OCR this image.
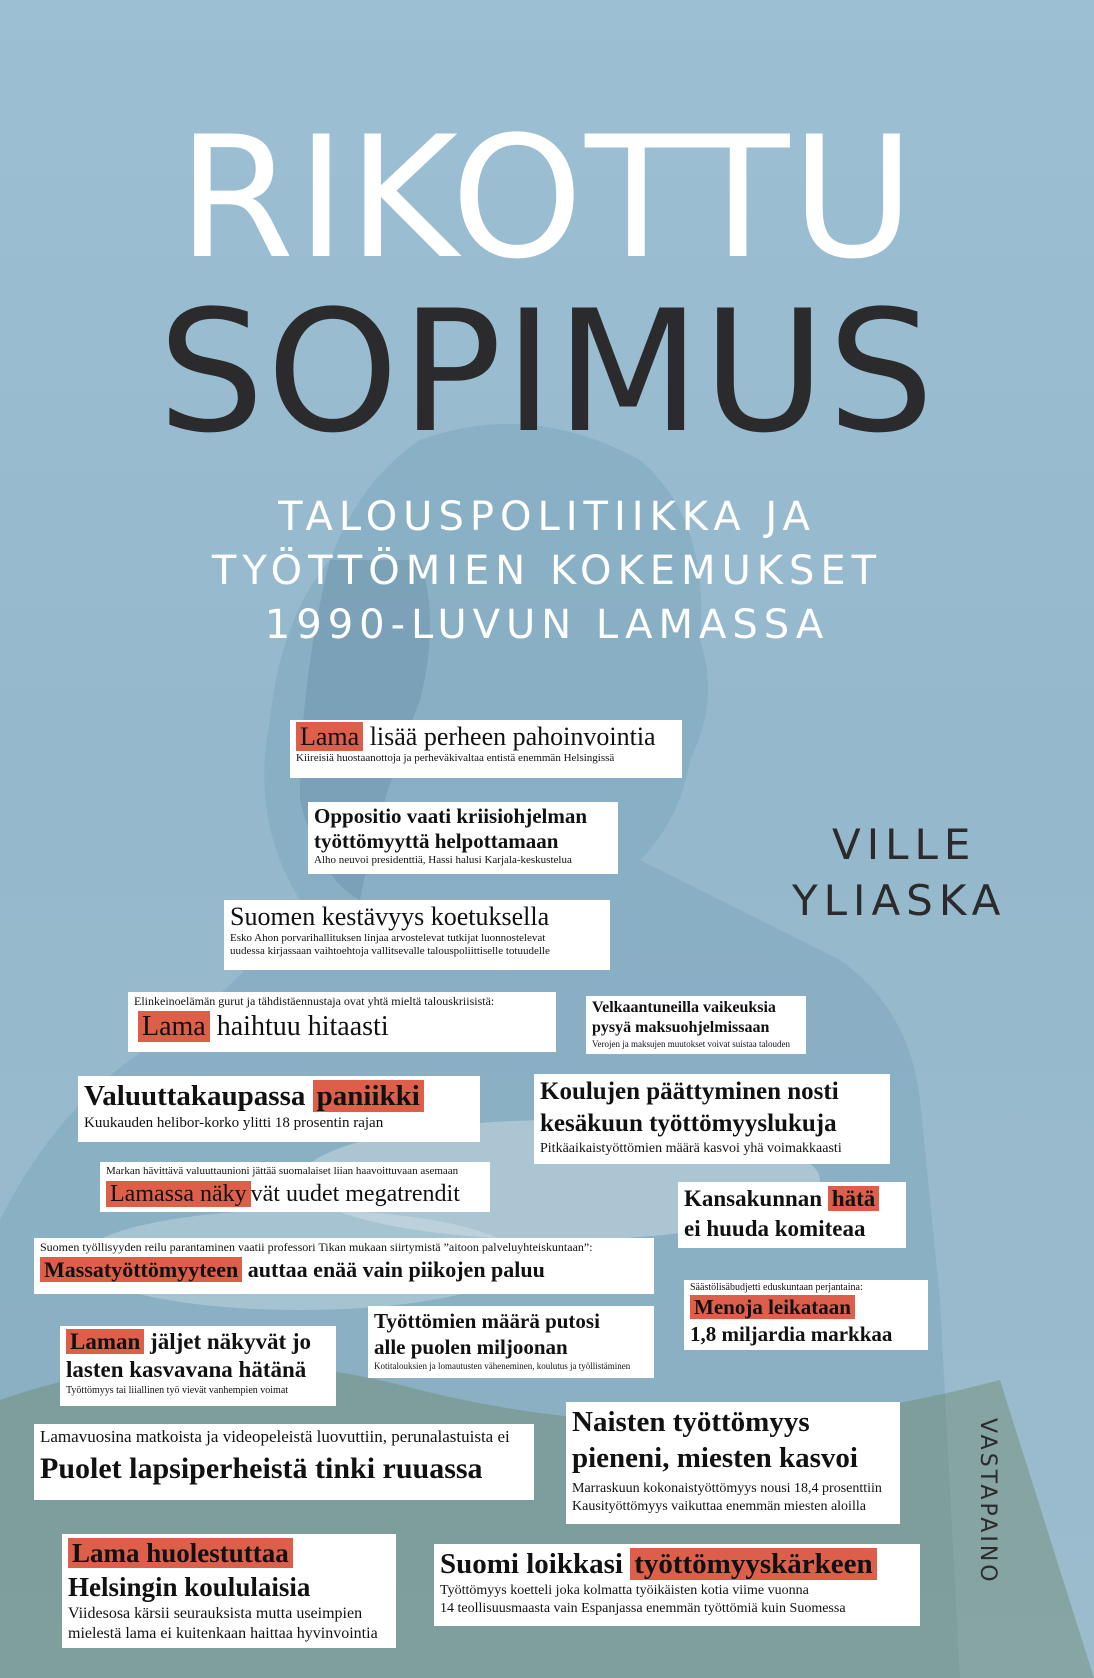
RIKOTTU
SOPIMUS
TALOUSPOLITIIKKA JA
TYÖTTÖMIEN KOKEMUKSET
1990-LUVUN LAMASSA
VILLE
YLIASKA
VASTAPAINO
Lama lisää perheen pahoinvointia
Kiireisiä huostaanottoja ja perheväkivaltaa entistä enemmän Helsingissä
Oppositio vaati kriisiohjelman
työttömyyttä helpottamaan
Alho neuvoi presidenttiä, Hassi halusi Karjala-keskustelua
Suomen kestävyys koetuksella
Esko Ahon porvarihallituksen linjaa arvostelevat tutkijat luonnostelevat
uudessa kirjassaan vaihtoehtoja vallitsevalle talouspoliittiselle totuudelle
Elinkeinoelämän gurut ja tähdistäennustaja ovat yhtä mieltä talouskriisistä:
Lama haihtuu hitaasti
Velkaantuneilla vaikeuksia
pysyä maksuohjelmissaan
Verojen ja maksujen muutokset voivat suistaa talouden
Valuuttakaupassa paniikki
Kuukauden helibor-korko ylitti 18 prosentin rajan
Koulujen päättyminen nosti
kesäkuun työttömyyslukuja
Pitkäaikaistyöttömien määrä kasvoi yhä voimakkaasti
Markan hävittävä valuuttaunioni jättää suomalaiset liian haavoittuvaan asemaan
Lamassa näky vät uudet megatrendit	Kansakunnan hätä
ei huuda komiteaa
Suomen työllisyyden reilu parantaminen vaatii professori Tikan mukaan siirtymistä ”aitoon palveluyhteiskuntaan”:
Massatyöttömyyteen auttaa enää vain piikojen paluu
Säästölisäbudjetti eduskuntaan perjantaina:
Menoja leikataan
1,8 miljardia markkaa
Työttömien määrä putosi
alle puolen miljoonan
Kotitalouksien ja lomautusten väheneminen, koulutus ja työllistäminen
Laman jäljet näkyvät jo
lasten kasvavana hätänä
Työttömyys tai liiallinen työ vievät vanhempien voimat
Lamavuosina matkoista ja videopeleistä luovuttiin, perunalastuista ei
Puolet lapsiperheistä tinki ruuassa
Naisten työttömyys
pieneni, miesten kasvoi
Marraskuun kokonaistyöttömyys nousi 18,4 prosenttiin
Kausityöttömyys vaikuttaa enemmän miesten aloilla
Lama huolestuttaa
Helsingin koululaisia
Viidesosa kärsii seurauksista mutta useimpien
mielestä lama ei kuitenkaan haittaa hyvinvointia
Suomi loikkasi työttömyyskärkeen
Työttömyys koetteli joka kolmatta työikäisten kotia viime vuonna
14 teollisuusmaasta vain Espanjassa enemmän työttömiä kuin Suomessa
